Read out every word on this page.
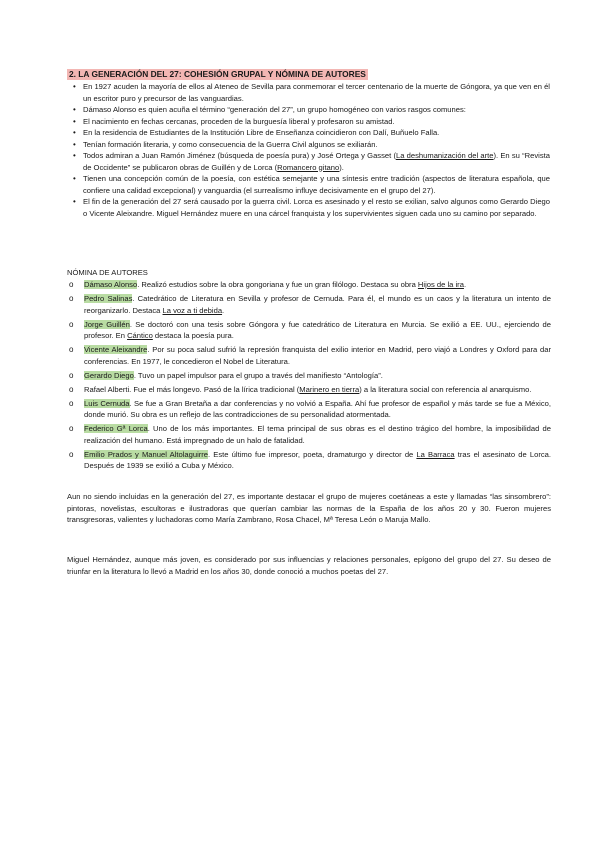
2. LA GENERACIÓN DEL 27: COHESIÓN GRUPAL Y NÓMINA DE AUTORES
• En 1927 acuden la mayoría de ellos al Ateneo de Sevilla para conmemorar el tercer centenario de la muerte de Góngora, ya que ven en él un escritor puro y precursor de las vanguardias.
• Dámaso Alonso es quien acuña el término “generación del 27”, un grupo homogéneo con varios rasgos comunes:
• El nacimiento en fechas cercanas, proceden de la burguesía liberal y profesaron su amistad.
• En la residencia de Estudiantes de la Institución Libre de Enseñanza coincidieron con Dalí, Buñuelo Falla.
• Tenían formación literaria, y como consecuencia de la Guerra Civil algunos se exiliarán.
• Todos admiran a Juan Ramón Jiménez (búsqueda de poesía pura) y José Ortega y Gasset (La deshumanización del arte). En su “Revista de Occidente” se publicaron obras de Guillén y de Lorca (Romancero gitano).
• Tienen una concepción común de la poesía, con estética semejante y una síntesis entre tradición (aspectos de literatura española, que confiere una calidad excepcional) y vanguardia (el surrealismo influye decisivamente en el grupo del 27).
• El fin de la generación del 27 será causado por la guerra civil. Lorca es asesinado y el resto se exilian, salvo algunos como Gerardo Diego o Vicente Aleixandre. Miguel Hernández muere en una cárcel franquista y los supervivientes siguen cada uno su camino por separado.
NÓMINA DE AUTORES
o Dámaso Alonso. Realizó estudios sobre la obra gongoriana y fue un gran filólogo. Destaca su obra Hijos de la ira.
o Pedro Salinas. Catedrático de Literatura en Sevilla y profesor de Cernuda. Para él, el mundo es un caos y la literatura un intento de reorganizarlo. Destaca La voz a ti debida.
o Jorge Guillén. Se doctoró con una tesis sobre Góngora y fue catedrático de Literatura en Murcia. Se exilió a EE. UU., ejerciendo de profesor. En Cántico destaca la poesía pura.
o Vicente Aleixandre. Por su poca salud sufrió la represión franquista del exilio interior en Madrid, pero viajó a Londres y Oxford para dar conferencias. En 1977, le concedieron el Nobel de Literatura.
o Gerardo Diego. Tuvo un papel impulsor para el grupo a través del manifiesto “Antología”.
o Rafael Alberti. Fue el más longevo. Pasó de la lírica tradicional (Marinero en tierra) a la literatura social con referencia al anarquismo.
o Luis Cernuda. Se fue a Gran Bretaña a dar conferencias y no volvió a España. Ahí fue profesor de español y más tarde se fue a México, donde murió. Su obra es un reflejo de las contradicciones de su personalidad atormentada.
o Federico Gª Lorca. Uno de los más importantes. El tema principal de sus obras es el destino trágico del hombre, la imposibilidad de realización del humano. Está impregnado de un halo de fatalidad.
o Emilio Prados y Manuel Altolaguirre. Este último fue impresor, poeta, dramaturgo y director de La Barraca tras el asesinato de Lorca. Después de 1939 se exilió a Cuba y México.

Aun no siendo incluidas en la generación del 27, es importante destacar el grupo de mujeres coetáneas a este y llamadas “las sinsombrero”: pintoras, novelistas, escultoras e ilustradoras que querían cambiar las normas de la España de los años 20 y 30. Fueron mujeres transgresoras, valientes y luchadoras como María Zambrano, Rosa Chacel, Mª Teresa León o Maruja Mallo.

Miguel Hernández, aunque más joven, es considerado por sus influencias y relaciones personales, epígono del grupo del 27. Su deseo de triunfar en la literatura lo llevó a Madrid en los años 30, donde conoció a muchos poetas del 27.
